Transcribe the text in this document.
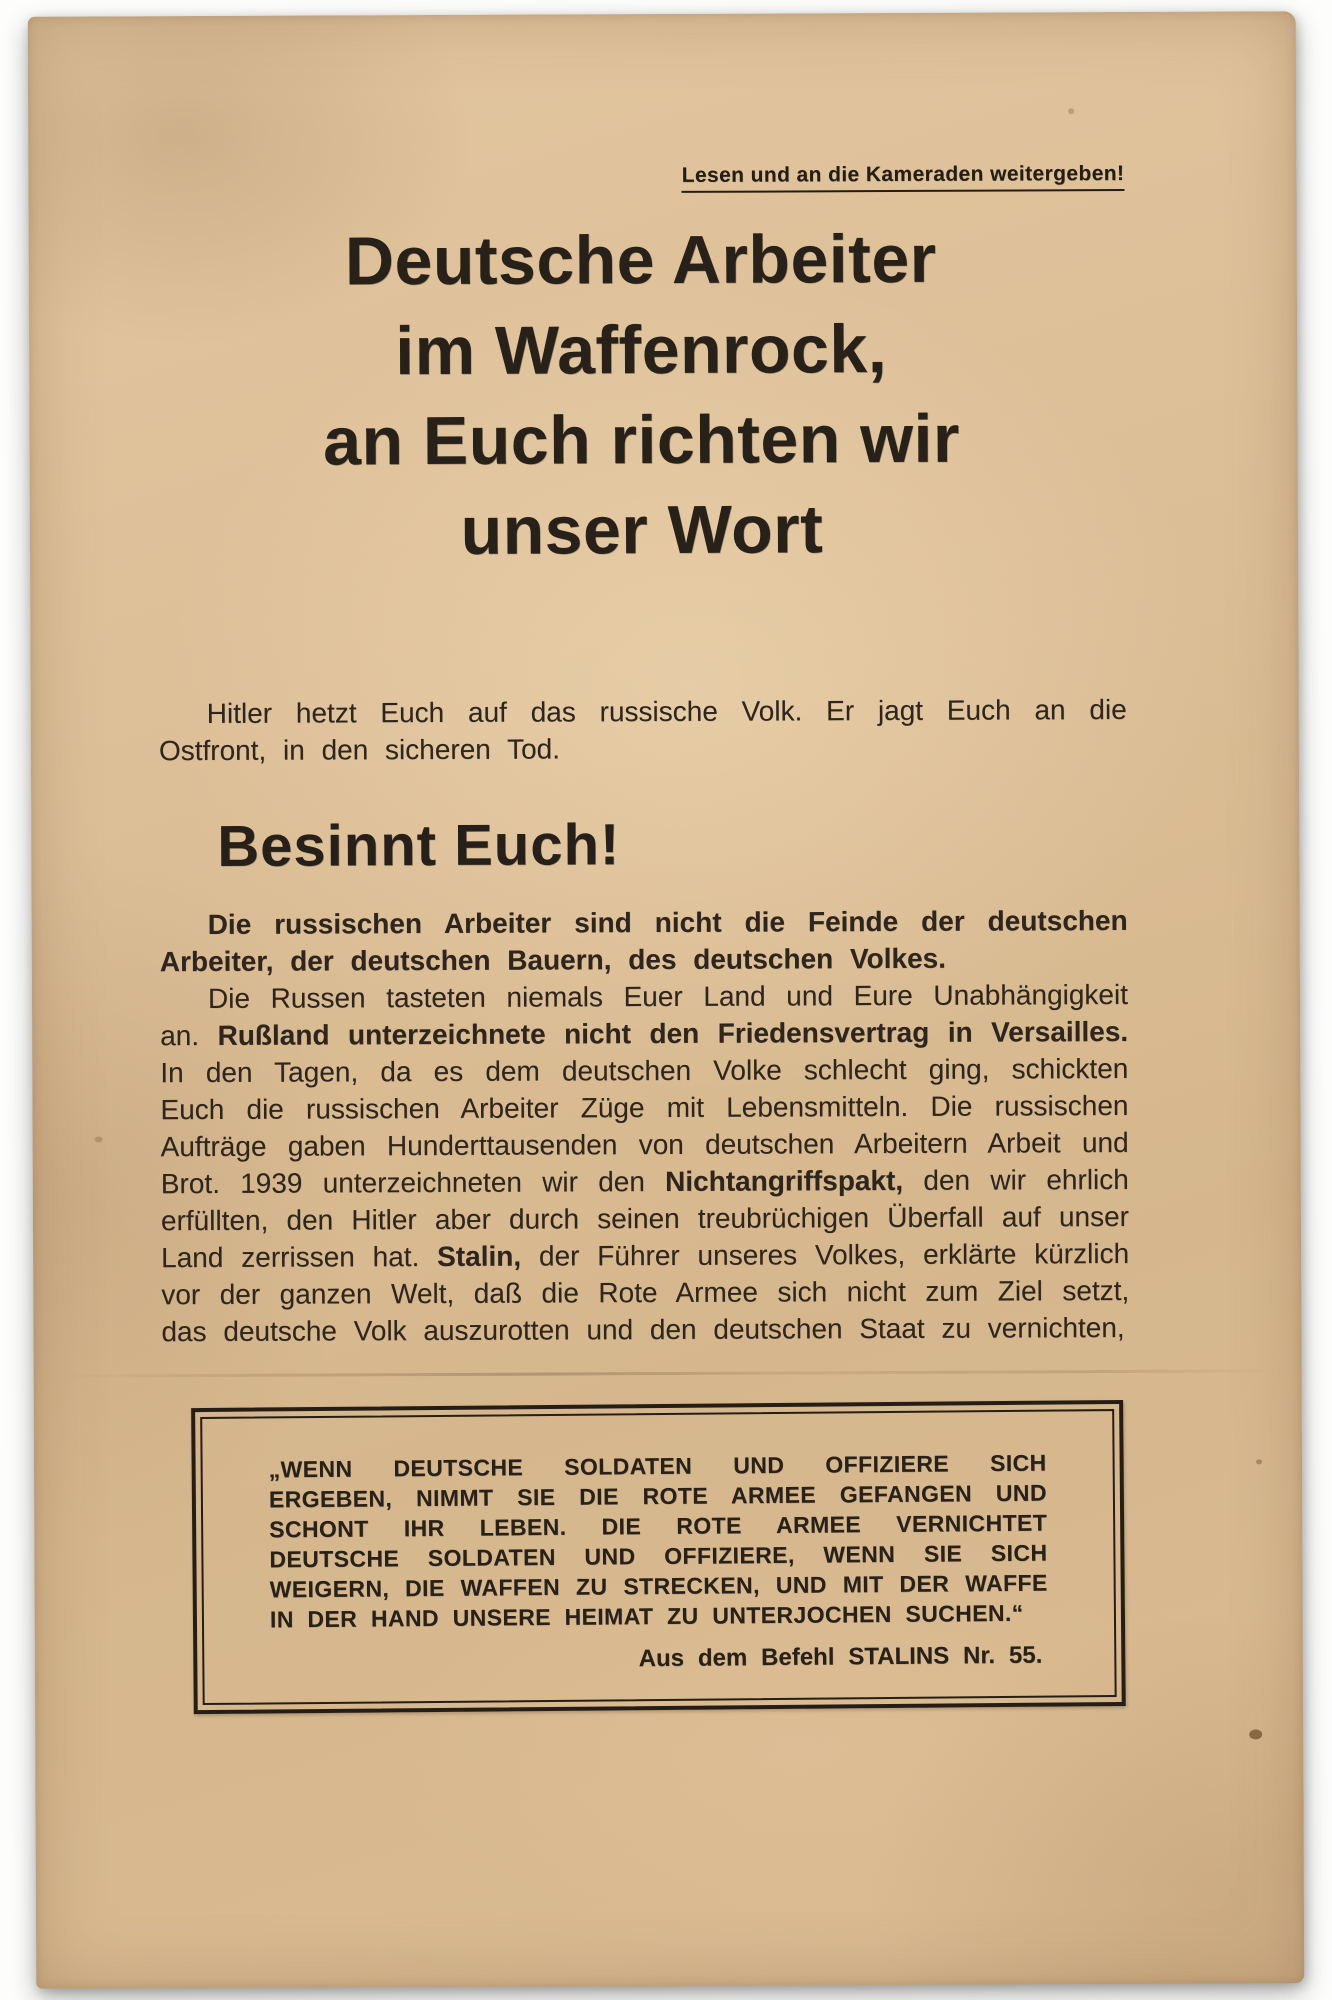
Lesen und an die Kameraden weitergeben!
Deutsche Arbeiter
im Waffenrock,
an Euch richten wir
unser Wort

Hitler hetzt Euch auf das russische Volk. Er jagt Euch an die Ostfront, in den sicheren Tod.

Besinnt Euch!

Die russischen Arbeiter sind nicht die Feinde der deutschen Arbeiter, der deutschen Bauern, des deutschen Volkes.

Die Russen tasteten niemals Euer Land und Eure Unabhängigkeit an. Rußland unterzeichnete nicht den Friedensvertrag in Versailles. In den Tagen, da es dem deutschen Volke schlecht ging, schickten Euch die russischen Arbeiter Züge mit Lebensmitteln. Die russischen Aufträge gaben Hunderttausenden von deutschen Arbeitern Arbeit und Brot. 1939 unterzeichneten wir den Nichtangriffspakt, den wir ehrlich erfüllten, den Hitler aber durch seinen treubrüchigen Überfall auf unser Land zerrissen hat. Stalin, der Führer unseres Volkes, erklärte kürzlich vor der ganzen Welt, daß die Rote Armee sich nicht zum Ziel setzt, das deutsche Volk auszurotten und den deutschen Staat zu vernichten,

„WENN DEUTSCHE SOLDATEN UND OFFIZIERE SICH ERGEBEN, NIMMT SIE DIE ROTE ARMEE GEFANGEN UND SCHONT IHR LEBEN. DIE ROTE ARMEE VERNICHTET DEUTSCHE SOLDATEN UND OFFIZIERE, WENN SIE SICH WEIGERN, DIE WAFFEN ZU STRECKEN, UND MIT DER WAFFE IN DER HAND UNSERE HEIMAT ZU UNTERJOCHEN SUCHEN.“

Aus dem Befehl STALINS Nr. 55.
